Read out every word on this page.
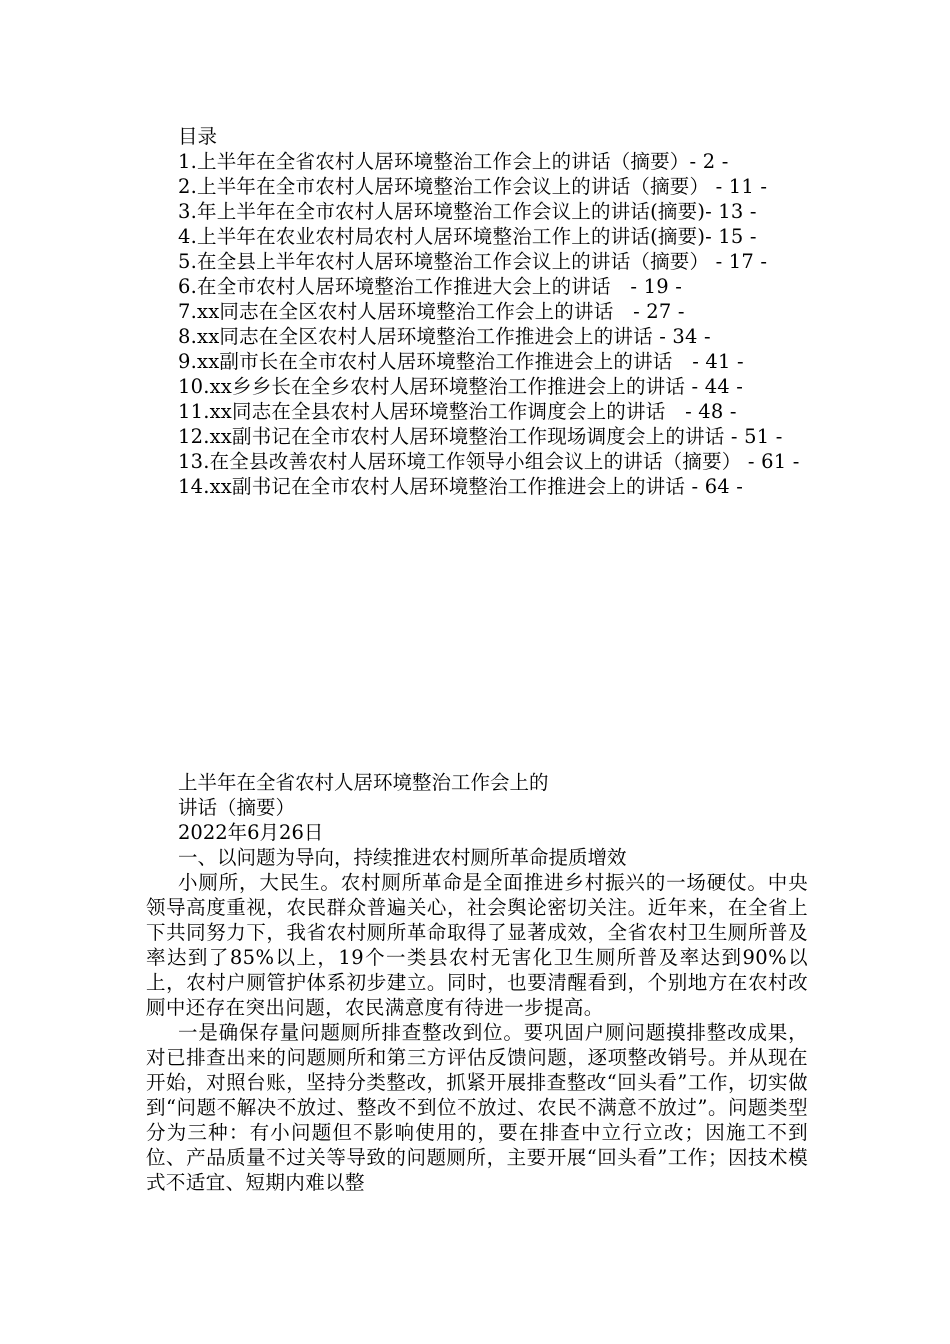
目录
1.上半年在全省农村人居环境整治工作会上的讲话（摘要）- 2 -
2.上半年在全市农村人居环境整治工作会议上的讲话（摘要） - 11 -
3.年上半年在全市农村人居环境整治工作会议上的讲话(摘要)- 13 -
4.上半年在农业农村局农村人居环境整治工作上的讲话(摘要)- 15 -
5.在全县上半年农村人居环境整治工作会议上的讲话（摘要） - 17 -
6.在全市农村人居环境整治工作推进大会上的讲话　- 19 -
7.xx同志在全区农村人居环境整治工作会上的讲话　- 27 -
8.xx同志在全区农村人居环境整治工作推进会上的讲话 - 34 -
9.xx副市长在全市农村人居环境整治工作推进会上的讲话　- 41 -
10.xx乡乡长在全乡农村人居环境整治工作推进会上的讲话 - 44 -
11.xx同志在全县农村人居环境整治工作调度会上的讲话　- 48 -
12.xx副书记在全市农村人居环境整治工作现场调度会上的讲话 - 51 -
13.在全县改善农村人居环境工作领导小组会议上的讲话（摘要） - 61 -
14.xx副书记在全市农村人居环境整治工作推进会上的讲话 - 64 -
上半年在全省农村人居环境整治工作会上的
讲话（摘要）
2022年6月26日
一、以问题为导向，持续推进农村厕所革命提质增效
小厕所，大民生。农村厕所革命是全面推进乡村振兴的一场硬仗。中央领导高度重视，农民群众普遍关心，社会舆论密切关注。近年来，在全省上下共同努力下，我省农村厕所革命取得了显著成效，全省农村卫生厕所普及率达到了85%以上，19个一类县农村无害化卫生厕所普及率达到90%以上，农村户厕管护体系初步建立。同时，也要清醒看到，个别地方在农村改厕中还存在突出问题，农民满意度有待进一步提高。
一是确保存量问题厕所排查整改到位。要巩固户厕问题摸排整改成果，对已排查出来的问题厕所和第三方评估反馈问题，逐项整改销号。并从现在开始，对照台账，坚持分类整改，抓紧开展排查整改“回头看”工作，切实做到“问题不解决不放过、整改不到位不放过、农民不满意不放过”。问题类型分为三种：有小问题但不影响使用的，要在排查中立行立改；因施工不到位、产品质量不过关等导致的问题厕所，主要开展“回头看”工作；因技术模式不适宜、短期内难以整
